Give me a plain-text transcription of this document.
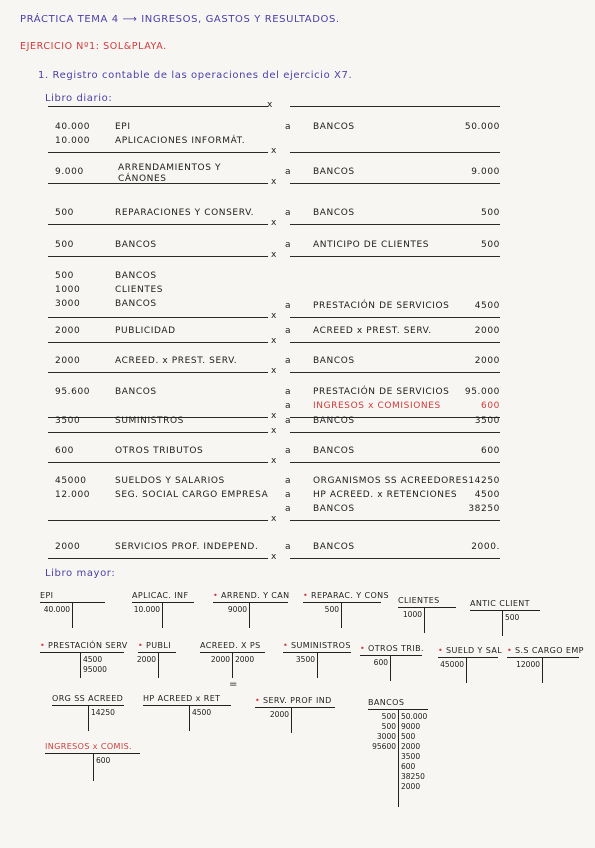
PRÁCTICA TEMA 4 ⟶ INGRESOS, GASTOS Y RESULTADOS.
EJERCICIO Nº1: SOL&PLAYA.
1. Registro contable de las operaciones del ejercicio X7.
Libro diario:
40.000	EPI
10.000	APLICACIONES INFORMÁT.
a BANCOS	50.000
x
9.000	ARRENDAMIENTOS Y CÁNONES
a BANCOS	9.000
x
500	REPARACIONES Y CONSERV.	a BANCOS	500
x
500	BANCOS	a ANTICIPO DE CLIENTES	500
x
500	BANCOS
1000	CLIENTES
3000	BANCOS	a PRESTACIÓN DE SERVICIOS	4500
x
2000	PUBLICIDAD	a ACREED x PREST. SERV.	2000
x
2000	ACREED. x PREST. SERV.	a BANCOS	2000
x
95.600	BANCOS	a PRESTACIÓN DE SERVICIOS	95.000
a INGRESOS x COMISIONES	600
x
3500	SUMINISTROS	a BANCOS	3500
x
600	OTROS TRIBUTOS	a BANCOS	600
x
45000	SUELDOS Y SALARIOS
12.000	SEG. SOCIAL CARGO EMPRESA
a ORGANISMOS SS ACREEDORES 14250
a HP ACREED. x RETENCIONES	4500
a BANCOS	38250
x
2000	SERVICIOS PROF. INDEPEND.	a BANCOS	2000.
x
x
Libro mayor:
EPI
40.000
APLICAC. INF
10.000
ARREND. Y CAN
•
9000
REPARAC. Y CONS
•
500
CLIENTES
1000
ANTIC CLIENT
500
PRESTACIÓN SERV
•
4500
95000
PUBLI
•
2000
ACREED. X PS
2000 2000
=
SUMINISTROS
•
3500
OTROS TRIB.
•
600
SUELD Y SAL
•
45000
S.S CARGO EMP
•
12000
ORG SS ACREED
14250
HP ACREED x RET
4500
SERV. PROF IND
•
2000
BANCOS
500
500
3000
95600
50.000
9000
500
2000
3500
600
38250
2000
INGRESOS x COMIS.
600
